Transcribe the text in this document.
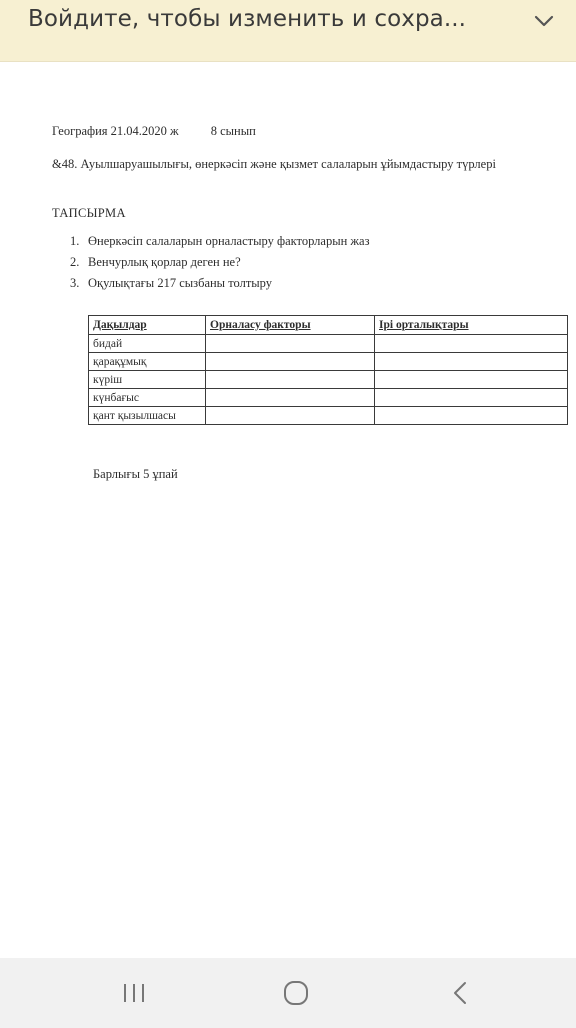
Войдите, чтобы изменить и сохра...
География 21.04.2020 ж	8 сынып
&48. Ауылшаруашылығы, өнеркәсіп және қызмет салаларын ұйымдастыру түрлері
ТАПСЫРМА
1. Өнеркәсіп салаларын орналастыру факторларын жаз
2. Венчурлық қорлар деген не?
3. Оқулықтағы 217 сызбаны толтыру
Дақылдар	Орналасу факторы	Ірі орталықтары
бидай		
қарақұмық		
күріш		
күнбағыс		
қант қызылшасы		
Барлығы 5 ұпай
